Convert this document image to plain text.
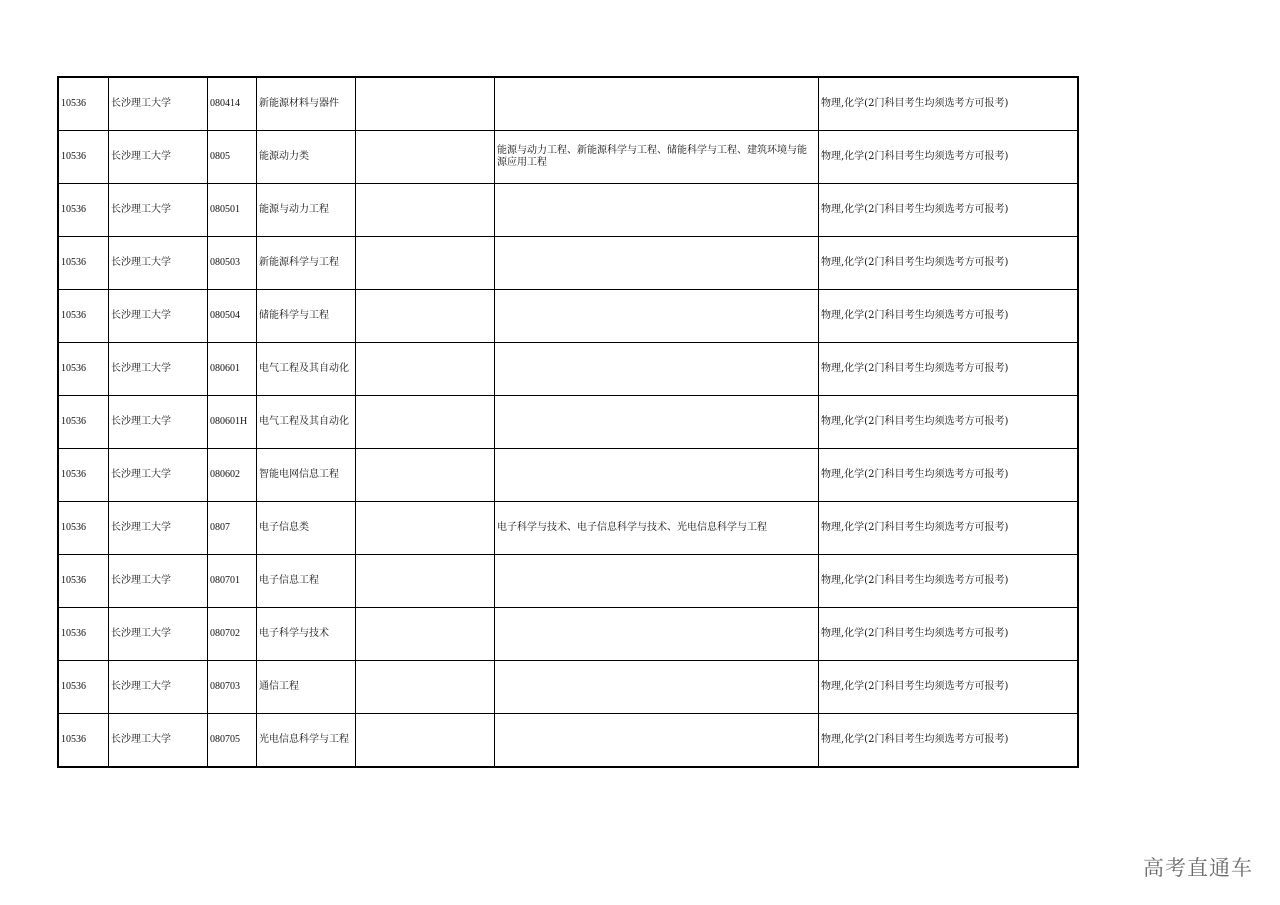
10536	长沙理工大学	080414	新能源材料与器件			物理,化学(2门科目考生均须选考方可报考)
10536	长沙理工大学	0805	能源动力类		能源与动力工程、新能源科学与工程、储能科学与工程、建筑环境与能源应用工程	物理,化学(2门科目考生均须选考方可报考)
10536	长沙理工大学	080501	能源与动力工程			物理,化学(2门科目考生均须选考方可报考)
10536	长沙理工大学	080503	新能源科学与工程			物理,化学(2门科目考生均须选考方可报考)
10536	长沙理工大学	080504	储能科学与工程			物理,化学(2门科目考生均须选考方可报考)
10536	长沙理工大学	080601	电气工程及其自动化			物理,化学(2门科目考生均须选考方可报考)
10536	长沙理工大学	080601H	电气工程及其自动化			物理,化学(2门科目考生均须选考方可报考)
10536	长沙理工大学	080602	智能电网信息工程			物理,化学(2门科目考生均须选考方可报考)
10536	长沙理工大学	0807	电子信息类		电子科学与技术、电子信息科学与技术、光电信息科学与工程	物理,化学(2门科目考生均须选考方可报考)
10536	长沙理工大学	080701	电子信息工程			物理,化学(2门科目考生均须选考方可报考)
10536	长沙理工大学	080702	电子科学与技术			物理,化学(2门科目考生均须选考方可报考)
10536	长沙理工大学	080703	通信工程			物理,化学(2门科目考生均须选考方可报考)
10536	长沙理工大学	080705	光电信息科学与工程			物理,化学(2门科目考生均须选考方可报考)
高考直通车
